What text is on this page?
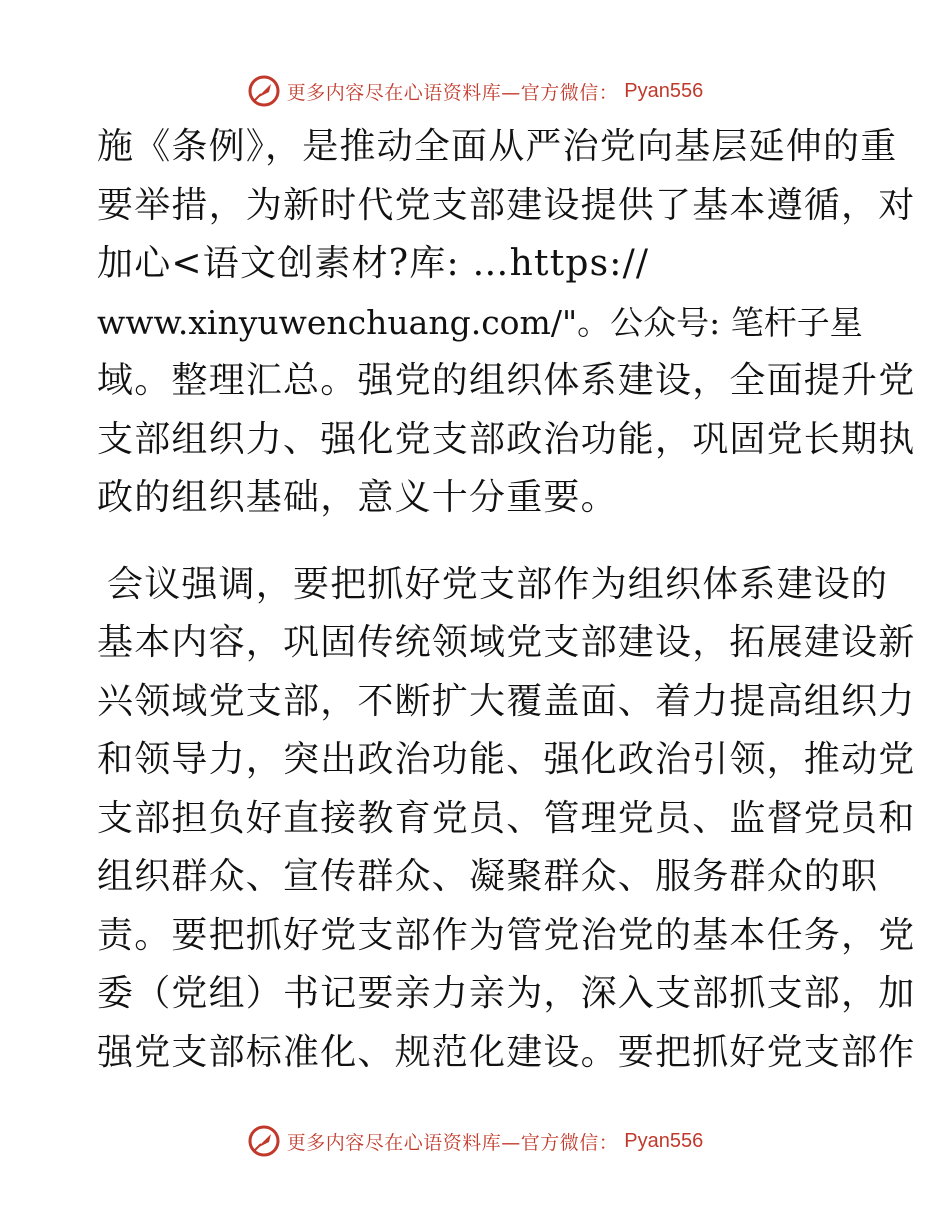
更多内容尽在心语资料库—官方微信： Pyan556
施《条例》，是推动全面从严治党向基层延伸的重
要举措，为新时代党支部建设提供了基本遵循，对
加心<语文创素材?库: …https://
www.xinyuwenchuang.com/"。公众号: 笔杆子星
域。整理汇总。强党的组织体系建设，全面提升党
支部组织力、强化党支部政治功能，巩固党长期执
政的组织基础，意义十分重要。
会议强调，要把抓好党支部作为组织体系建设的
基本内容，巩固传统领域党支部建设，拓展建设新
兴领域党支部，不断扩大覆盖面、着力提高组织力
和领导力，突出政治功能、强化政治引领，推动党
支部担负好直接教育党员、管理党员、监督党员和
组织群众、宣传群众、凝聚群众、服务群众的职
责。要把抓好党支部作为管党治党的基本任务，党
委（党组）书记要亲力亲为，深入支部抓支部，加
强党支部标准化、规范化建设。要把抓好党支部作
更多内容尽在心语资料库—官方微信： Pyan556
